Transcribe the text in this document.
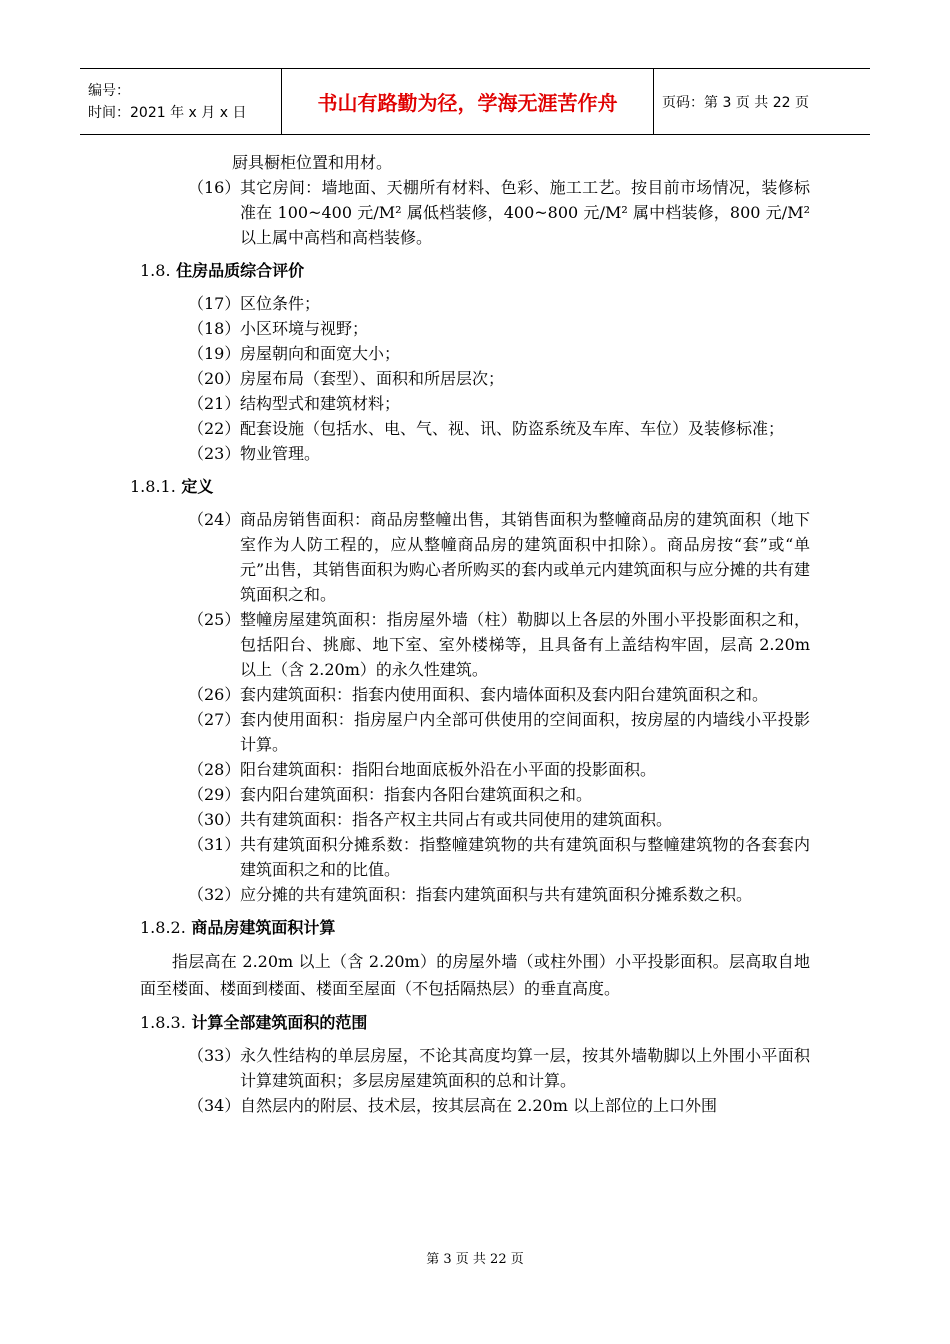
编号：
时间：2021 年 x 月 x 日	书山有路勤为径，学海无涯苦作舟	页码：第 3 页 共 22 页
厨具橱柜位置和用材。
（16） 其它房间：墙地面、天棚所有材料、色彩、施工工艺。按目前市场情况，装修标准在 100~400 元/M² 属低档装修，400~800 元/M² 属中档装修，800 元/M² 以上属中高档和高档装修。
1.8. 住房品质综合评价
（17） 区位条件；
（18） 小区环境与视野；
（19） 房屋朝向和面宽大小；
（20） 房屋布局（套型）、面积和所居层次；
（21） 结构型式和建筑材料；
（22） 配套设施（包括水、电、气、视、讯、防盗系统及车库、车位）及装修标准；
（23） 物业管理。
1.8.1. 定义
（24） 商品房销售面积：商品房整幢出售，其销售面积为整幢商品房的建筑面积（地下室作为人防工程的，应从整幢商品房的建筑面积中扣除）。商品房按“套”或“单元”出售，其销售面积为购心者所购买的套内或单元内建筑面积与应分摊的共有建筑面积之和。
（25） 整幢房屋建筑面积：指房屋外墙（柱）勒脚以上各层的外围小平投影面积之和，包括阳台、挑廊、地下室、室外楼梯等，且具备有上盖结构牢固，层高 2.20m 以上（含 2.20m）的永久性建筑。
（26） 套内建筑面积：指套内使用面积、套内墙体面积及套内阳台建筑面积之和。
（27） 套内使用面积：指房屋户内全部可供使用的空间面积，按房屋的内墙线小平投影计算。
（28） 阳台建筑面积：指阳台地面底板外沿在小平面的投影面积。
（29） 套内阳台建筑面积：指套内各阳台建筑面积之和。
（30） 共有建筑面积：指各产权主共同占有或共同使用的建筑面积。
（31） 共有建筑面积分摊系数：指整幢建筑物的共有建筑面积与整幢建筑物的各套套内建筑面积之和的比值。
（32） 应分摊的共有建筑面积：指套内建筑面积与共有建筑面积分摊系数之积。
1.8.2. 商品房建筑面积计算
指层高在 2.20m 以上（含 2.20m）的房屋外墙（或柱外围）小平投影面积。层高取自地面至楼面、楼面到楼面、楼面至屋面（不包括隔热层）的垂直高度。
1.8.3. 计算全部建筑面积的范围
（33） 永久性结构的单层房屋，不论其高度均算一层，按其外墙勒脚以上外围小平面积计算建筑面积；多层房屋建筑面积的总和计算。
（34） 自然层内的附层、技术层，按其层高在 2.20m 以上部位的上口外围
第 3 页 共 22 页
